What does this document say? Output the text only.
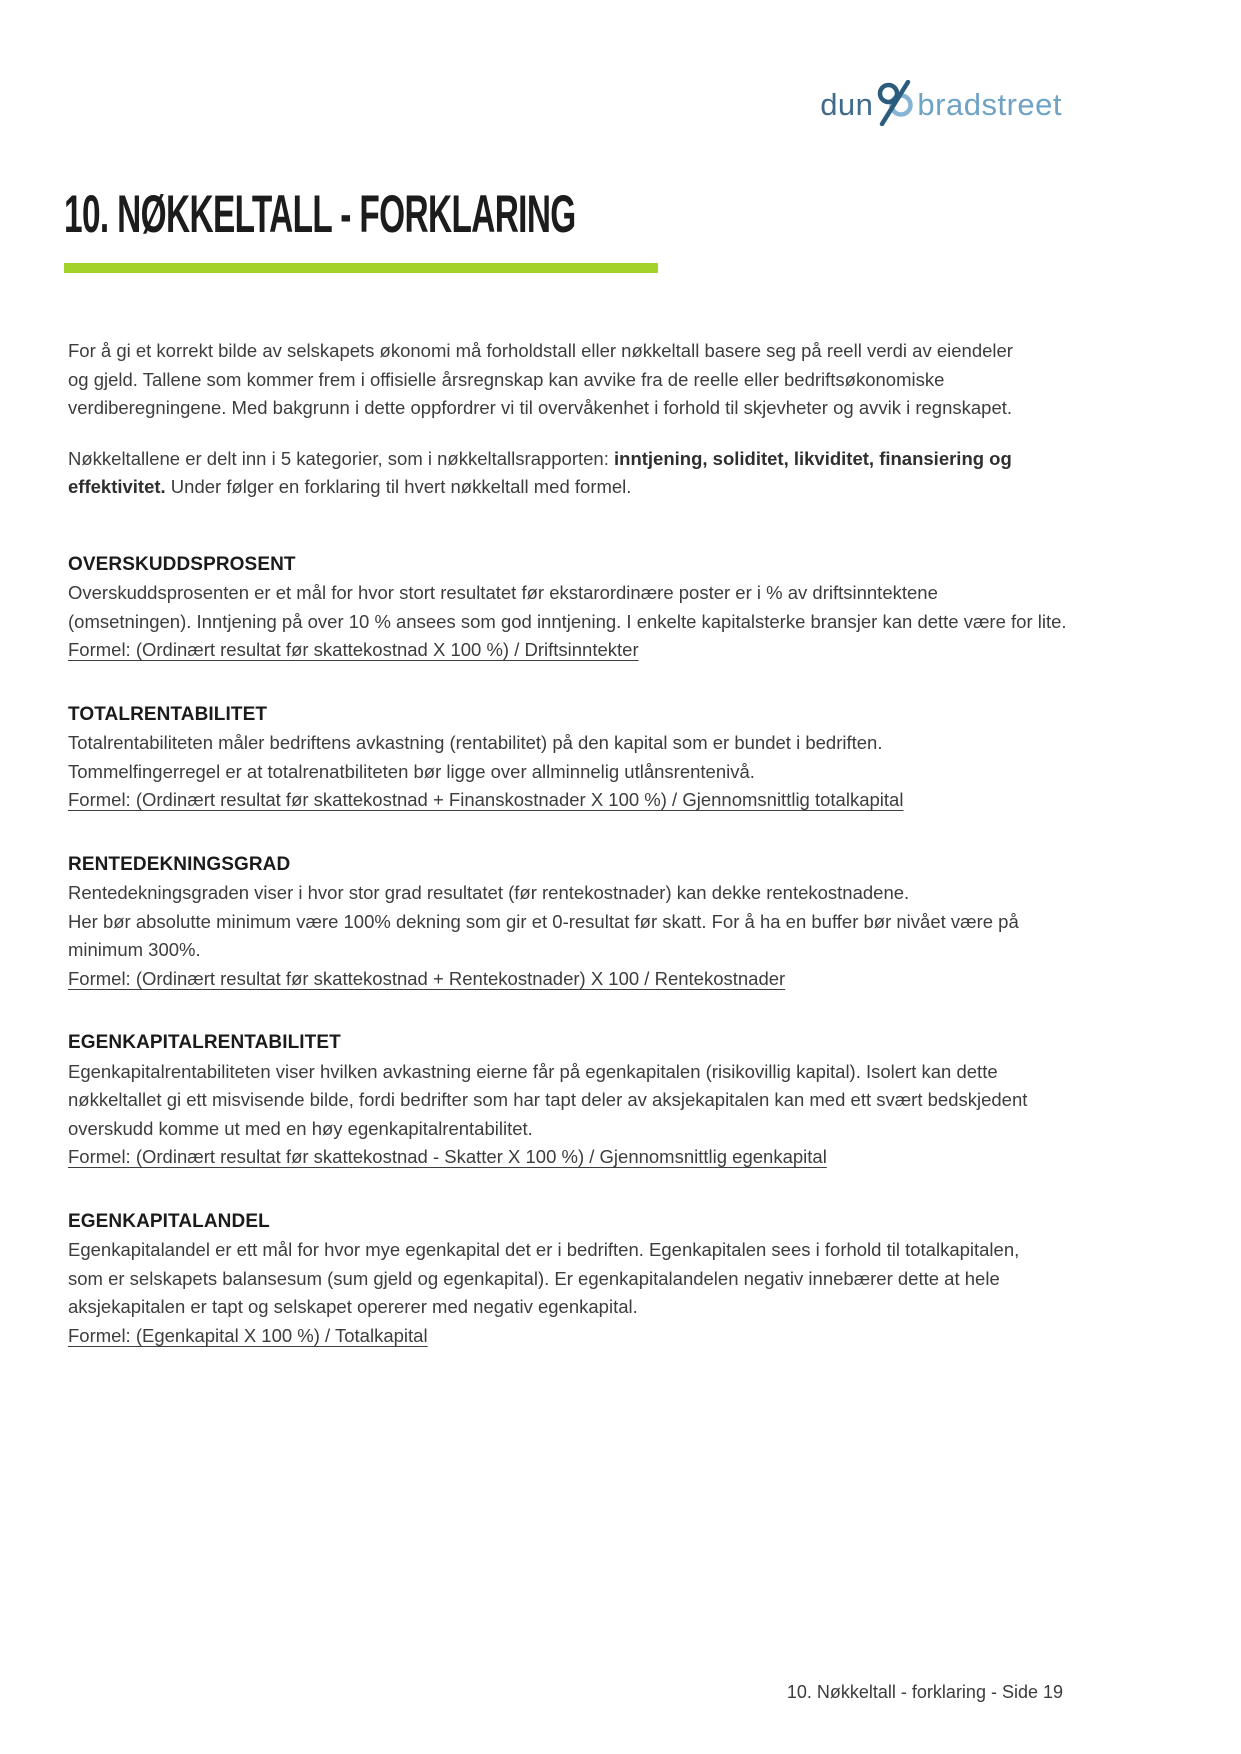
dun bradstreet
10. NØKKELTALL - FORKLARING
For å gi et korrekt bilde av selskapets økonomi må forholdstall eller nøkkeltall basere seg på reell verdi av eiendeler
og gjeld. Tallene som kommer frem i offisielle årsregnskap kan avvike fra de reelle eller bedriftsøkonomiske
verdiberegningene. Med bakgrunn i dette oppfordrer vi til overvåkenhet i forhold til skjevheter og avvik i regnskapet.
Nøkkeltallene er delt inn i 5 kategorier, som i nøkkeltallsrapporten: inntjening, soliditet, likviditet, finansiering og
effektivitet. Under følger en forklaring til hvert nøkkeltall med formel.
OVERSKUDDSPROSENT
Overskuddsprosenten er et mål for hvor stort resultatet før ekstarordinære poster er i % av driftsinntektene
(omsetningen). Inntjening på over 10 % ansees som god inntjening. I enkelte kapitalsterke bransjer kan dette være for lite.
Formel: (Ordinært resultat før skattekostnad X 100 %) / Driftsinntekter
TOTALRENTABILITET
Totalrentabiliteten måler bedriftens avkastning (rentabilitet) på den kapital som er bundet i bedriften.
Tommelfingerregel er at totalrenatbiliteten bør ligge over allminnelig utlånsrentenivå.
Formel: (Ordinært resultat før skattekostnad + Finanskostnader X 100 %) / Gjennomsnittlig totalkapital
RENTEDEKNINGSGRAD
Rentedekningsgraden viser i hvor stor grad resultatet (før rentekostnader) kan dekke rentekostnadene.
Her bør absolutte minimum være 100% dekning som gir et 0-resultat før skatt. For å ha en buffer bør nivået være på
minimum 300%.
Formel: (Ordinært resultat før skattekostnad + Rentekostnader) X 100 / Rentekostnader
EGENKAPITALRENTABILITET
Egenkapitalrentabiliteten viser hvilken avkastning eierne får på egenkapitalen (risikovillig kapital). Isolert kan dette
nøkkeltallet gi ett misvisende bilde, fordi bedrifter som har tapt deler av aksjekapitalen kan med ett svært bedskjedent
overskudd komme ut med en høy egenkapitalrentabilitet.
Formel: (Ordinært resultat før skattekostnad - Skatter X 100 %) / Gjennomsnittlig egenkapital
EGENKAPITALANDEL
Egenkapitalandel er ett mål for hvor mye egenkapital det er i bedriften. Egenkapitalen sees i forhold til totalkapitalen,
som er selskapets balansesum (sum gjeld og egenkapital). Er egenkapitalandelen negativ innebærer dette at hele
aksjekapitalen er tapt og selskapet opererer med negativ egenkapital.
Formel: (Egenkapital X 100 %) / Totalkapital
10. Nøkkeltall - forklaring - Side 19
